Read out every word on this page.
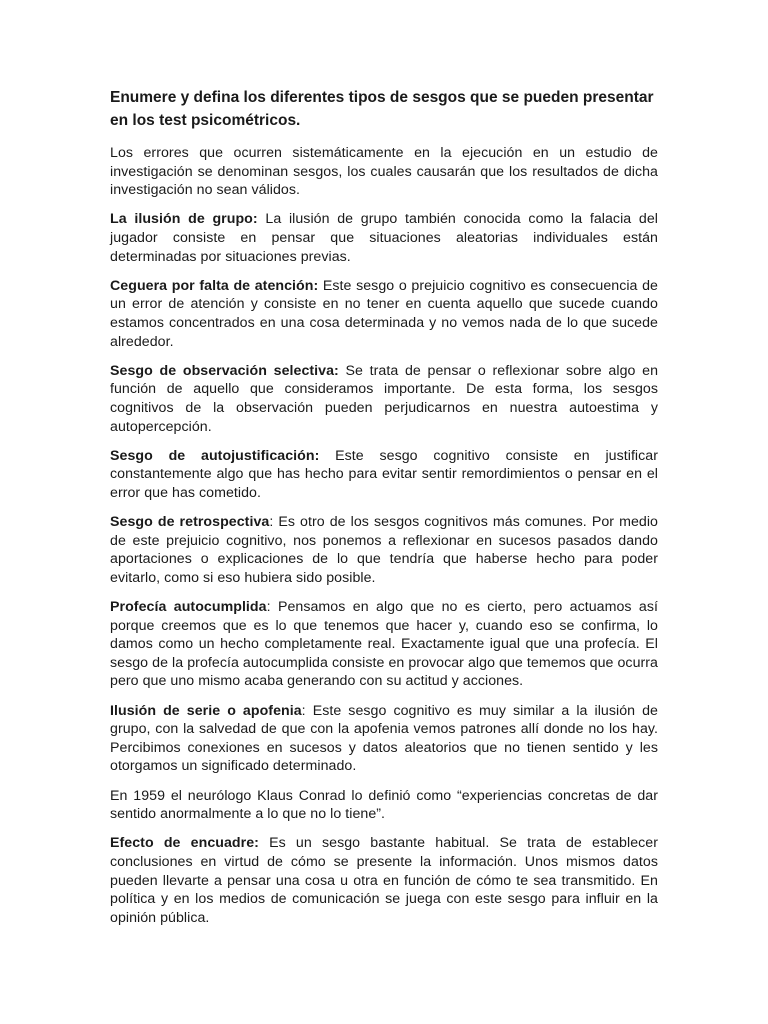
Enumere y defina los diferentes tipos de sesgos que se pueden presentar en los test psicométricos.

Los errores que ocurren sistemáticamente en la ejecución en un estudio de investigación se denominan sesgos, los cuales causarán que los resultados de dicha investigación no sean válidos.

La ilusión de grupo: La ilusión de grupo también conocida como la falacia del jugador consiste en pensar que situaciones aleatorias individuales están determinadas por situaciones previas.

Ceguera por falta de atención: Este sesgo o prejuicio cognitivo es consecuencia de un error de atención y consiste en no tener en cuenta aquello que sucede cuando estamos concentrados en una cosa determinada y no vemos nada de lo que sucede alrededor.

Sesgo de observación selectiva: Se trata de pensar o reflexionar sobre algo en función de aquello que consideramos importante. De esta forma, los sesgos cognitivos de la observación pueden perjudicarnos en nuestra autoestima y autopercepción.

Sesgo de autojustificación: Este sesgo cognitivo consiste en justificar constantemente algo que has hecho para evitar sentir remordimientos o pensar en el error que has cometido.

Sesgo de retrospectiva: Es otro de los sesgos cognitivos más comunes. Por medio de este prejuicio cognitivo, nos ponemos a reflexionar en sucesos pasados dando aportaciones o explicaciones de lo que tendría que haberse hecho para poder evitarlo, como si eso hubiera sido posible.

Profecía autocumplida: Pensamos en algo que no es cierto, pero actuamos así porque creemos que es lo que tenemos que hacer y, cuando eso se confirma, lo damos como un hecho completamente real. Exactamente igual que una profecía. El sesgo de la profecía autocumplida consiste en provocar algo que tememos que ocurra pero que uno mismo acaba generando con su actitud y acciones.

Ilusión de serie o apofenia: Este sesgo cognitivo es muy similar a la ilusión de grupo, con la salvedad de que con la apofenia vemos patrones allí donde no los hay. Percibimos conexiones en sucesos y datos aleatorios que no tienen sentido y les otorgamos un significado determinado.

En 1959 el neurólogo Klaus Conrad lo definió como “experiencias concretas de dar sentido anormalmente a lo que no lo tiene”.

Efecto de encuadre: Es un sesgo bastante habitual. Se trata de establecer conclusiones en virtud de cómo se presente la información. Unos mismos datos pueden llevarte a pensar una cosa u otra en función de cómo te sea transmitido. En política y en los medios de comunicación se juega con este sesgo para influir en la opinión pública.
